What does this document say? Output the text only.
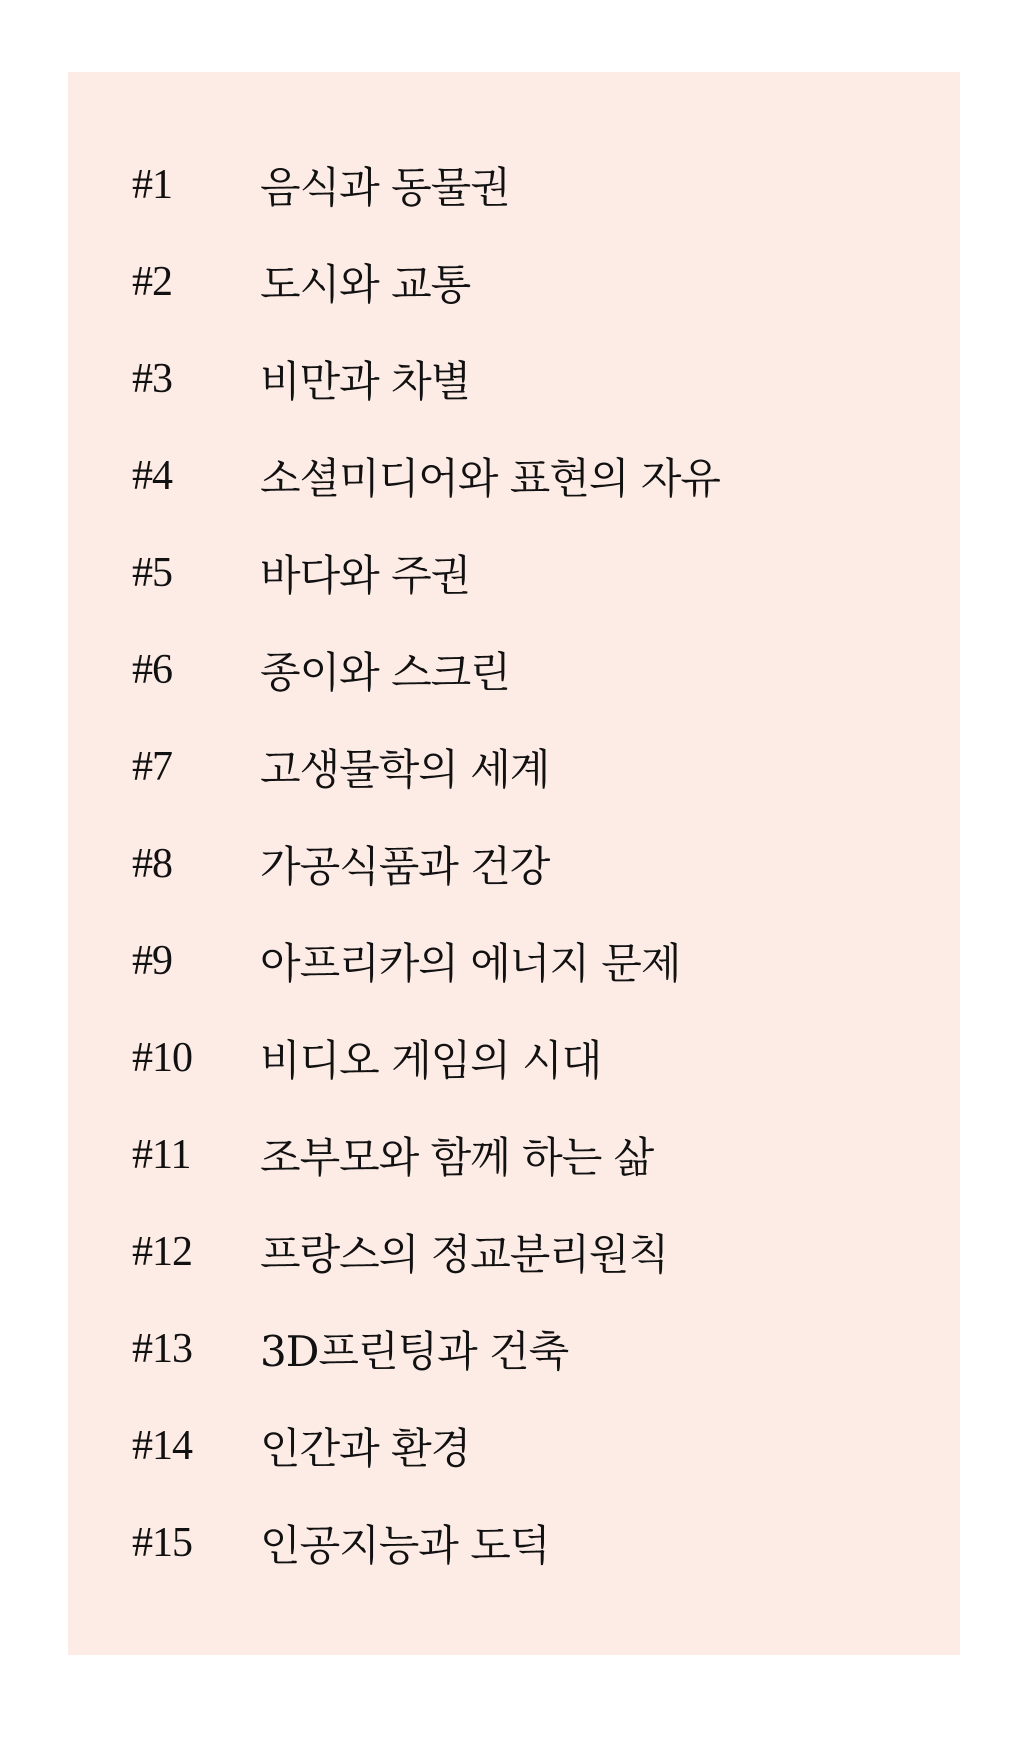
#1	음식과 동물권
#2	도시와 교통
#3	비만과 차별
#4	소셜미디어와 표현의 자유
#5	바다와 주권
#6	종이와 스크린
#7	고생물학의 세계
#8	가공식품과 건강
#9	아프리카의 에너지 문제
#10	비디오 게임의 시대
#11	조부모와 함께 하는 삶
#12	프랑스의 정교분리원칙
#13	3D프린팅과 건축
#14	인간과 환경
#15	인공지능과 도덕
